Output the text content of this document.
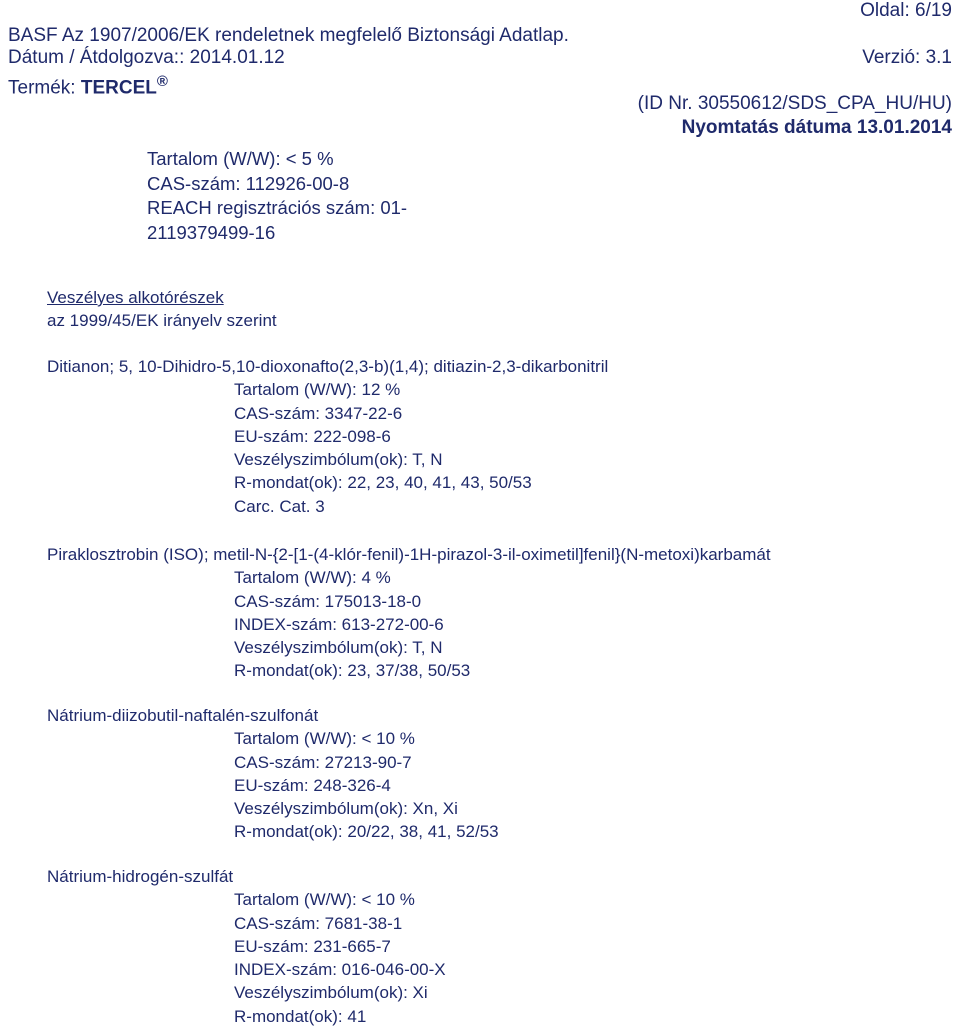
Oldal: 6/19
BASF Az 1907/2006/EK rendeletnek megfelelő Biztonsági Adatlap.
Dátum / Átdolgozva:: 2014.01.12	Verzió: 3.1
Termék: TERCEL®
(ID Nr. 30550612/SDS_CPA_HU/HU)
Nyomtatás dátuma 13.01.2014
Tartalom (W/W): < 5 %
CAS-szám: 112926-00-8
REACH regisztrációs szám: 01-
2119379499-16
Veszélyes alkotórészek
az 1999/45/EK irányelv szerint
Ditianon; 5, 10-Dihidro-5,10-dioxonafto(2,3-b)(1,4); ditiazin-2,3-dikarbonitril
Tartalom (W/W): 12 %
CAS-szám: 3347-22-6
EU-szám: 222-098-6
Veszélyszimbólum(ok): T, N
R-mondat(ok): 22, 23, 40, 41, 43, 50/53
Carc. Cat. 3
Piraklosztrobin (ISO); metil-N-{2-[1-(4-klór-fenil)-1H-pirazol-3-il-oximetil]fenil}(N-metoxi)karbamát
Tartalom (W/W): 4 %
CAS-szám: 175013-18-0
INDEX-szám: 613-272-00-6
Veszélyszimbólum(ok): T, N
R-mondat(ok): 23, 37/38, 50/53
Nátrium-diizobutil-naftalén-szulfonát
Tartalom (W/W): < 10 %
CAS-szám: 27213-90-7
EU-szám: 248-326-4
Veszélyszimbólum(ok): Xn, Xi
R-mondat(ok): 20/22, 38, 41, 52/53
Nátrium-hidrogén-szulfát
Tartalom (W/W): < 10 %
CAS-szám: 7681-38-1
EU-szám: 231-665-7
INDEX-szám: 016-046-00-X
Veszélyszimbólum(ok): Xi
R-mondat(ok): 41
